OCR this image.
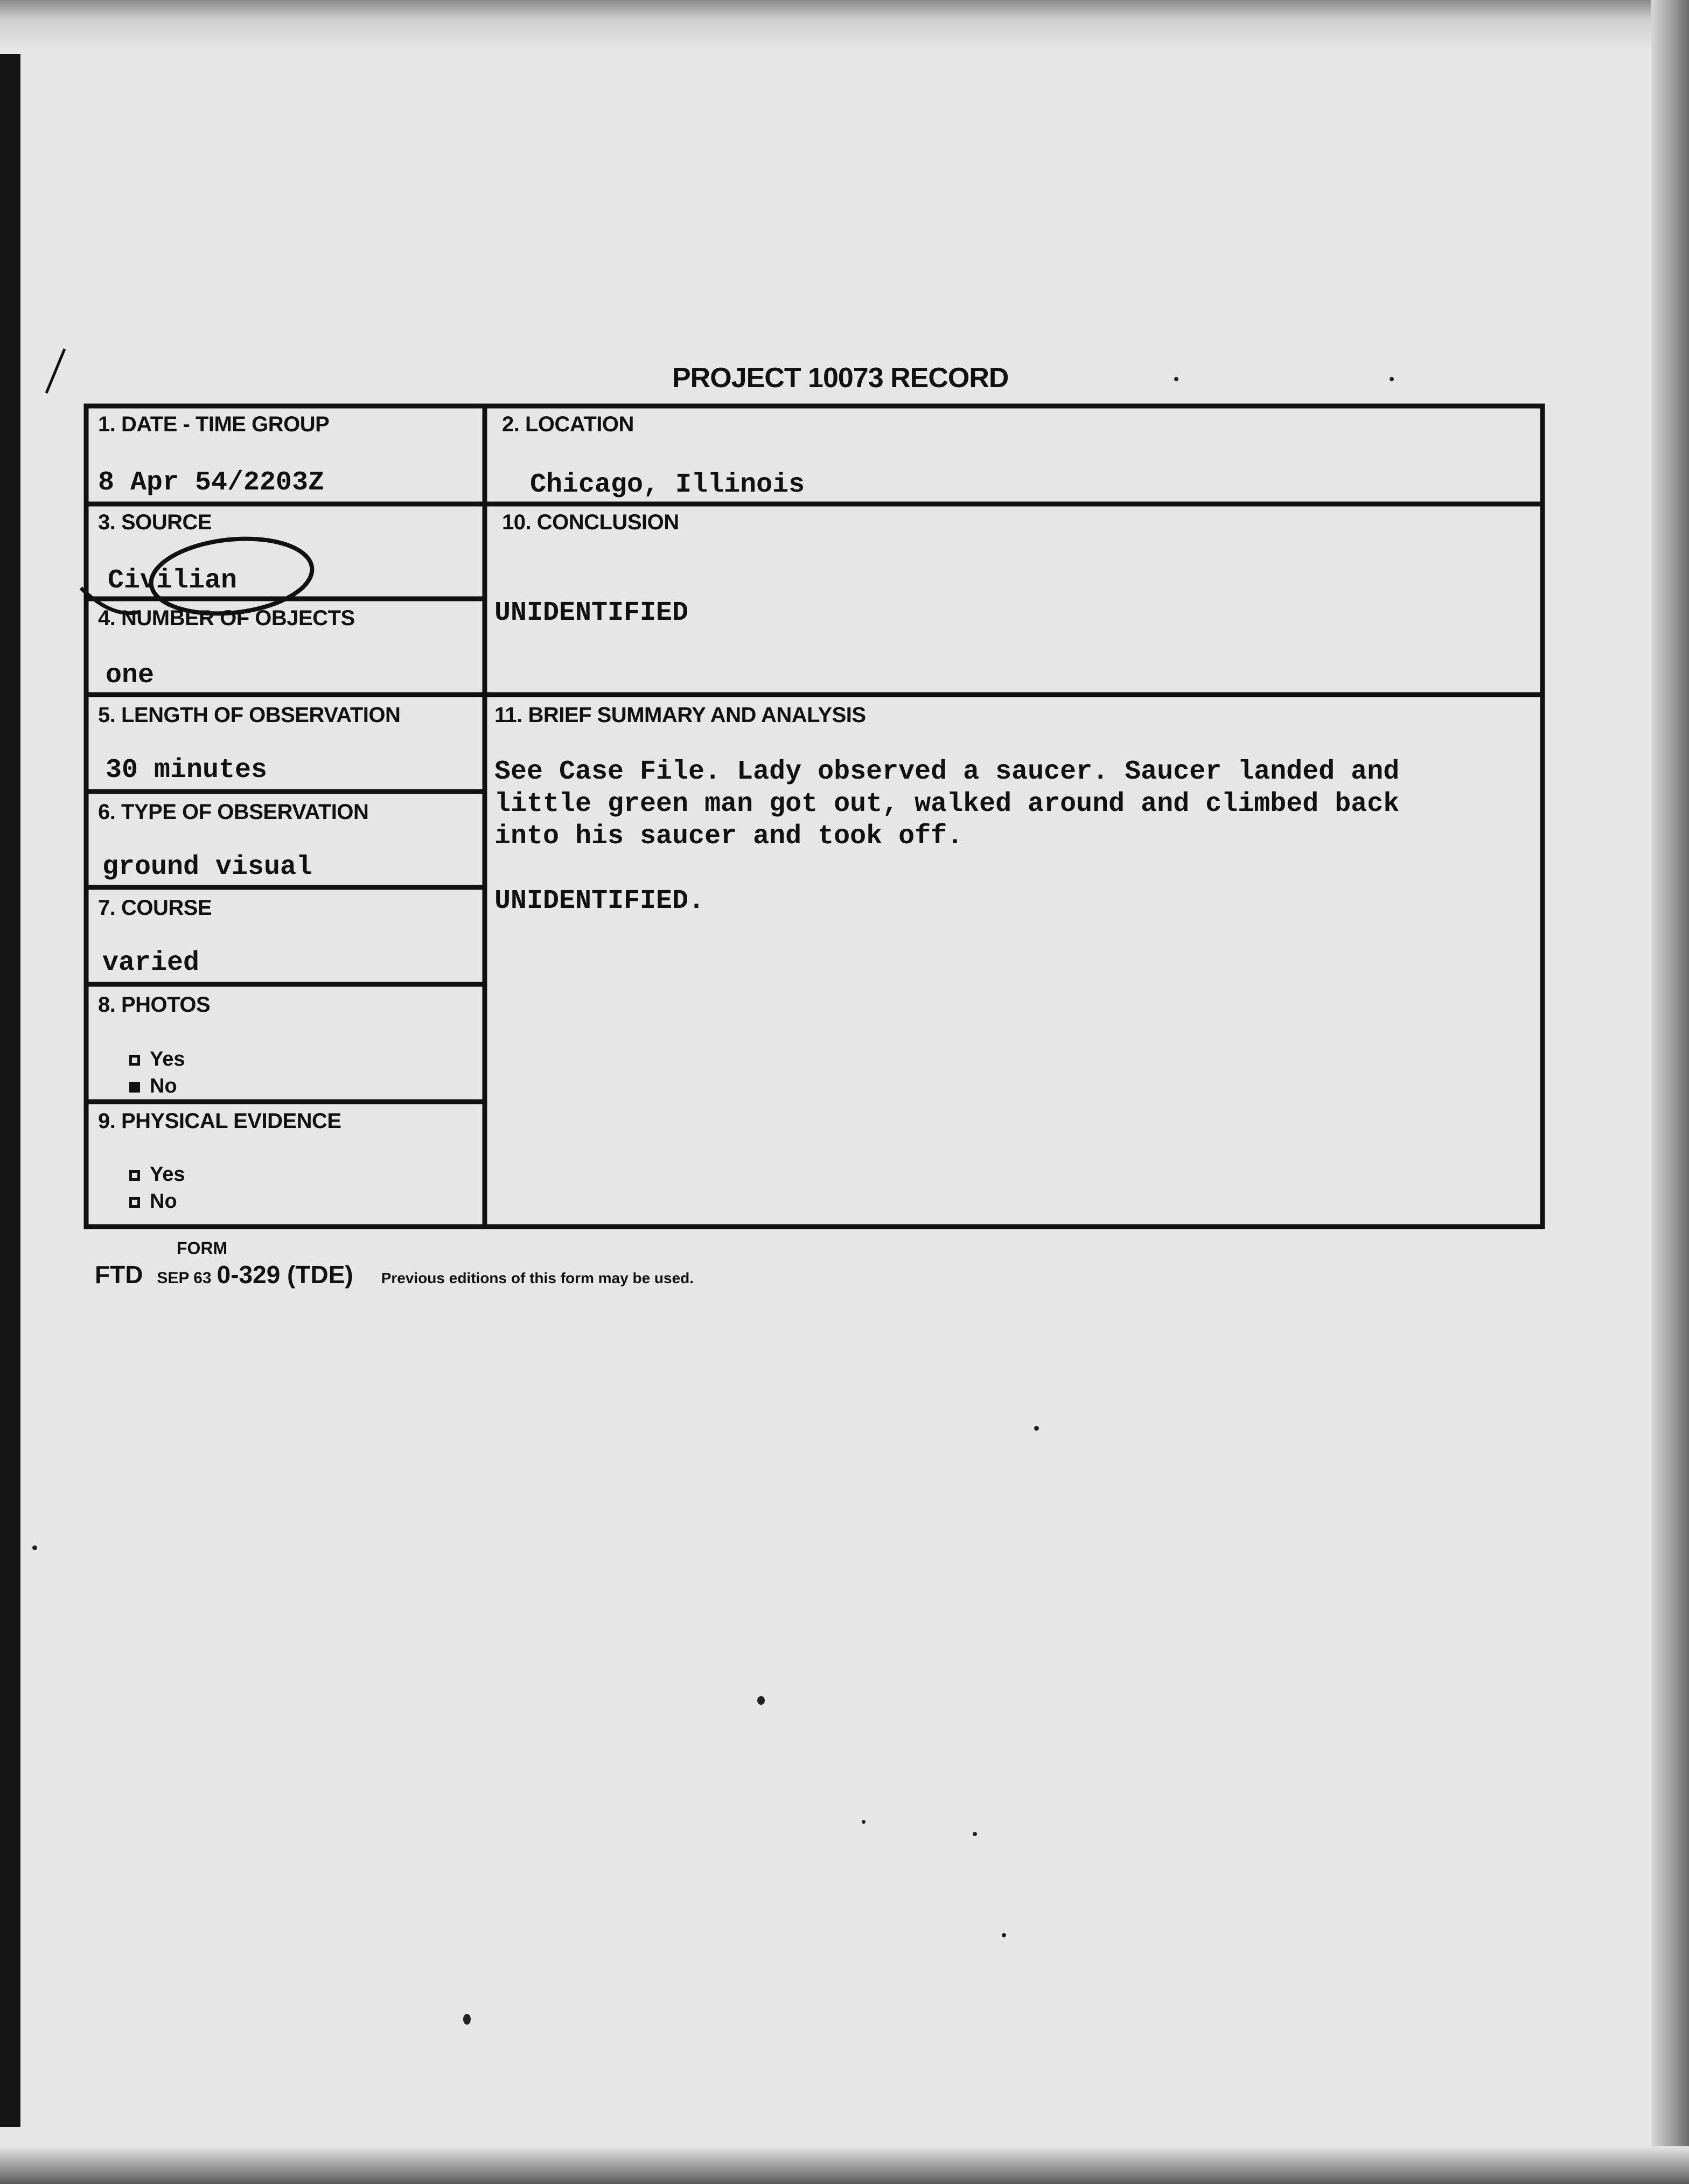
PROJECT 10073 RECORD
1. DATE - TIME GROUP
8 Apr 54/2203Z
3. SOURCE
Civilian
4. NUMBER OF OBJECTS
one
5. LENGTH OF OBSERVATION
30 minutes
6. TYPE OF OBSERVATION
ground visual
7. COURSE
varied
8. PHOTOS
Yes
No
9. PHYSICAL EVIDENCE
Yes
No
2. LOCATION
Chicago, Illinois
10. CONCLUSION
UNIDENTIFIED
11. BRIEF SUMMARY AND ANALYSIS

See Case File. Lady observed a saucer. Saucer landed and

little green man got out, walked around and climbed back

into his saucer and took off.

UNIDENTIFIED.

FORM
FTD SEP 63 0-329 (TDE) Previous editions of this form may be used.
